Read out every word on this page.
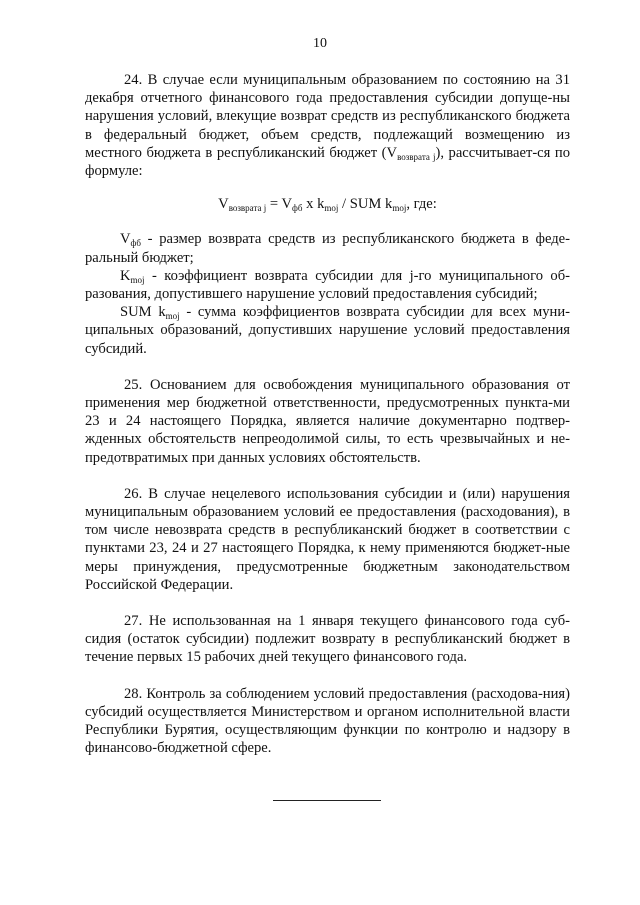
10

24. В случае если муниципальным образованием по состоянию на 31 декабря отчетного финансового года предоставления субсидии допуще-ны нарушения условий, влекущие возврат средств из республиканского бюджета в федеральный бюджет, объем средств, подлежащий возмещению из местного бюджета в республиканский бюджет $(V_{возврата j})$, рассчитывает-ся по формуле:

$V_{возврата j} = V_{фб}$ x $k_{moj}$ / SUM $k_{moj}$, где:

$V_{фб}$ - размер возврата средств из республиканского бюджета в феде-ральный бюджет;

$K_{moj}$ - коэффициент возврата субсидии для j-го муниципального об-разования, допустившего нарушение условий предоставления субсидий;

SUM $k_{moj}$ - сумма коэффициентов возврата субсидии для всех муни-ципальных образований, допустивших нарушение условий предоставления субсидий.

25. Основанием для освобождения муниципального образования от применения мер бюджетной ответственности, предусмотренных пункта-ми 23 и 24 настоящего Порядка, является наличие документарно подтвер-жденных обстоятельств непреодолимой силы, то есть чрезвычайных и не-предотвратимых при данных условиях обстоятельств.

26. В случае нецелевого использования субсидии и (или) нарушения муниципальным образованием условий ее предоставления (расходования), в том числе невозврата средств в республиканский бюджет в соответствии с пунктами 23, 24 и 27 настоящего Порядка, к нему применяются бюджет-ные меры принуждения, предусмотренные бюджетным законодательством Российской Федерации.

27. Не использованная на 1 января текущего финансового года суб-сидия (остаток субсидии) подлежит возврату в республиканский бюджет в течение первых 15 рабочих дней текущего финансового года.

28. Контроль за соблюдением условий предоставления (расходова-ния) субсидий осуществляется Министерством и органом исполнительной власти Республики Бурятия, осуществляющим функции по контролю и надзору в финансово-бюджетной сфере.
